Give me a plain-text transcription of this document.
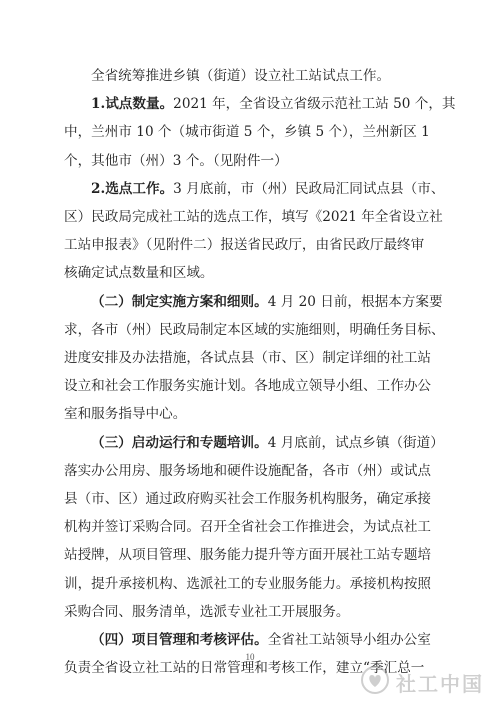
全省统筹推进乡镇（街道）设立社工站试点工作。

1.试点数量。2021 年，全省设立省级示范社工站 50 个，其
中，兰州市 10 个（城市街道 5 个，乡镇 5 个），兰州新区 1
个，其他市（州）3 个。（见附件一）

2.选点工作。3 月底前，市（州）民政局汇同试点县（市、
区）民政局完成社工站的选点工作，填写《2021 年全省设立社
工站申报表》（见附件二）报送省民政厅，由省民政厅最终审
核确定试点数量和区域。

（二）制定实施方案和细则。4 月 20 日前，根据本方案要
求，各市（州）民政局制定本区域的实施细则，明确任务目标、
进度安排及办法措施，各试点县（市、区）制定详细的社工站
设立和社会工作服务实施计划。各地成立领导小组、工作办公
室和服务指导中心。

（三）启动运行和专题培训。4 月底前，试点乡镇（街道）
落实办公用房、服务场地和硬件设施配备，各市（州）或试点
县（市、区）通过政府购买社会工作服务机构服务，确定承接
机构并签订采购合同。召开全省社会工作推进会，为试点社工
站授牌，从项目管理、服务能力提升等方面开展社工站专题培
训，提升承接机构、选派社工的专业服务能力。承接机构按照
采购合同、服务清单，选派专业社工开展服务。

（四）项目管理和考核评估。全省社工站领导小组办公室
负责全省设立社工站的日常管理和考核工作，建立“季汇总一

10
社工中国
